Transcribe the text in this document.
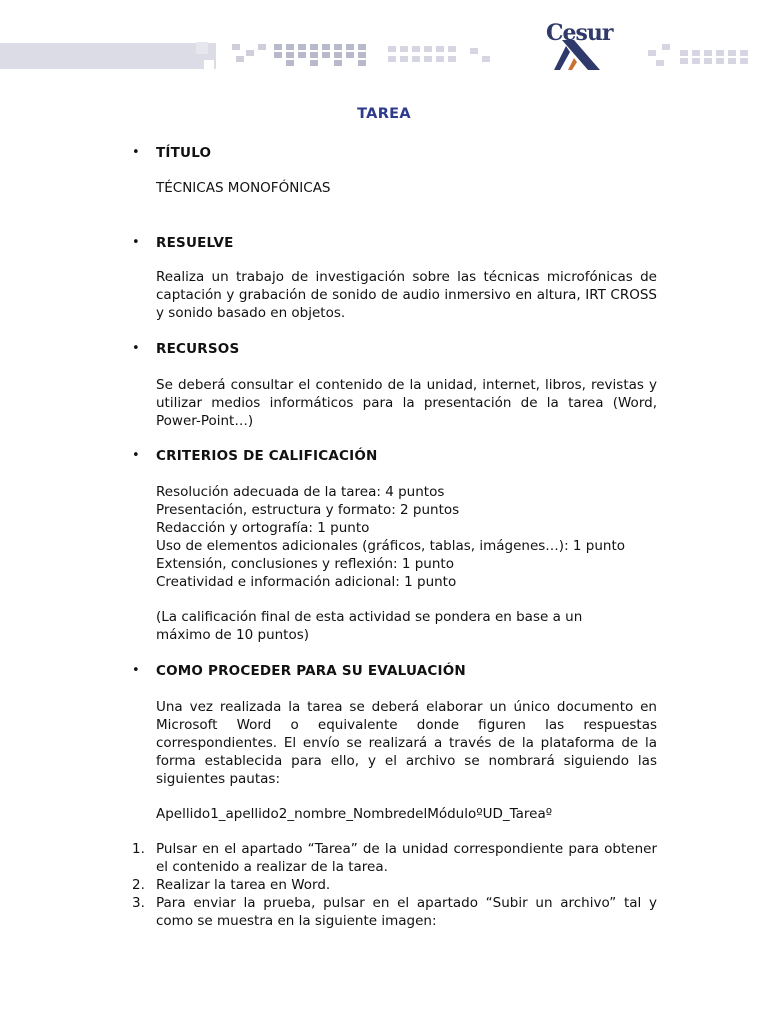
Cesur
TAREA
• TÍTULO
TÉCNICAS MONOFÓNICAS
• RESUELVE
Realiza un trabajo de investigación sobre las técnicas microfónicas de captación y grabación de sonido de audio inmersivo en altura, IRT CROSS y sonido basado en objetos.
• RECURSOS
Se deberá consultar el contenido de la unidad, internet, libros, revistas y utilizar medios informáticos para la presentación de la tarea (Word, Power-Point…)
• CRITERIOS DE CALIFICACIÓN
Resolución adecuada de la tarea: 4 puntos
Presentación, estructura y formato: 2 puntos
Redacción y ortografía: 1 punto
Uso de elementos adicionales (gráficos, tablas, imágenes…): 1 punto
Extensión, conclusiones y reflexión: 1 punto
Creatividad e información adicional: 1 punto
(La calificación final de esta actividad se pondera en base a un máximo de 10 puntos)
• COMO PROCEDER PARA SU EVALUACIÓN
Una vez realizada la tarea se deberá elaborar un único documento en Microsoft Word o equivalente donde figuren las respuestas correspondientes. El envío se realizará a través de la plataforma de la forma establecida para ello, y el archivo se nombrará siguiendo las siguientes pautas:
Apellido1_apellido2_nombre_NombredelMóduloºUD_Tareaº
1. Pulsar en el apartado “Tarea” de la unidad correspondiente para obtener el contenido a realizar de la tarea.
2. Realizar la tarea en Word.
3. Para enviar la prueba, pulsar en el apartado “Subir un archivo” tal y como se muestra en la siguiente imagen:
